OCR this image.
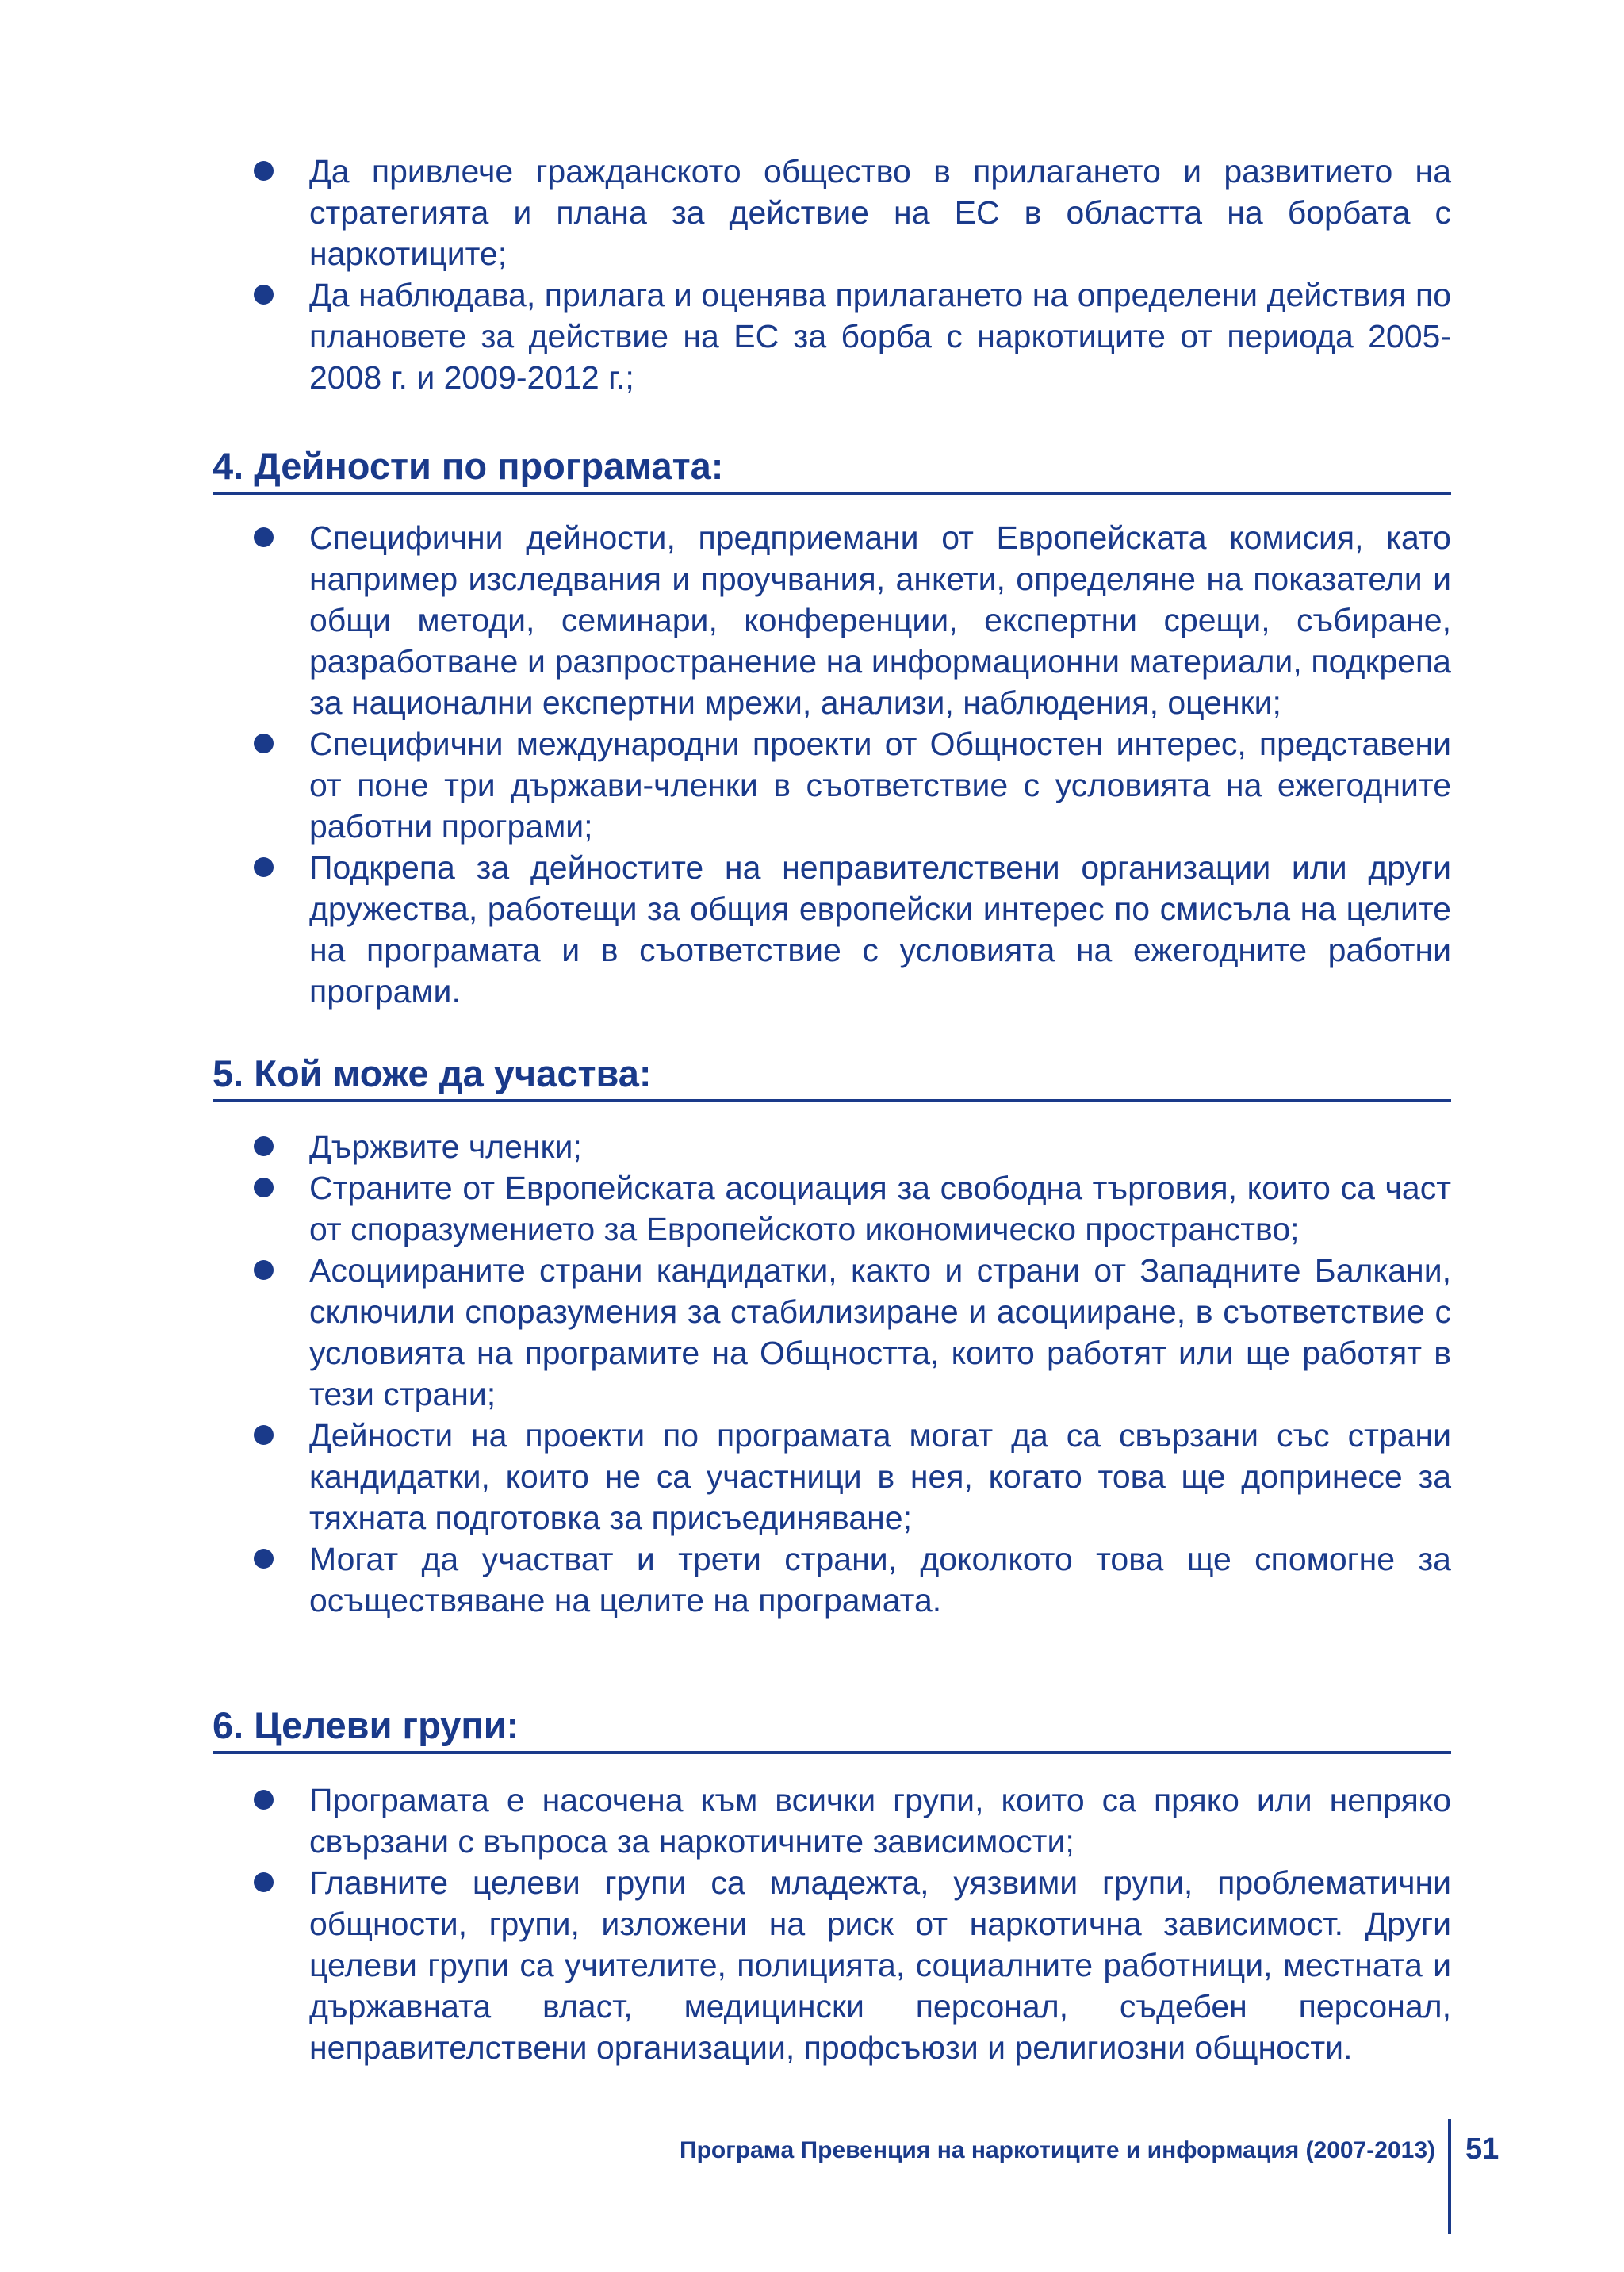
Да привлече гражданското общество в прилагането и развитието на стратегията и плана за действие на ЕС в областта на борбата с наркотиците;
Да наблюдава, прилага и оценява прилагането на определени действия по плановете за действие на ЕС за борба с наркотиците от периода 2005-2008 г. и 2009-2012 г.;
4. Дейности по програмата:
Специфични дейности, предприемани от Европейската комисия, като например изследвания и проучвания, анкети, определяне на показатели и общи методи, семинари, конференции, експертни срещи, събиране, разработване и разпространение на информационни материали, подкрепа за национални експертни мрежи, анализи, наблюдения, оценки;
Специфични международни проекти от Общностен интерес, представени от поне три държави-членки в съответствие с условията на ежегодните работни програми;
Подкрепа за дейностите на неправителствени организации или други дружества, работещи за общия европейски интерес по смисъла на целите на програмата и в съответствие с условията на ежегодните работни програми.
5. Кой може да участва:
Държвите членки;
Страните от Европейската асоциация за свободна търговия, които са част от споразумението за Европейското икономическо пространство;
Асоциираните страни кандидатки, както и страни от Западните Балкани, сключили споразумения за стабилизиране и асоцииране, в съответствие с условията на програмите на Общността, които работят или ще работят в тези страни;
Дейности на проекти по програмата могат да са свързани със страни кандидатки, които не са участници в нея, когато това ще допринесе за тяхната подготовка за присъединяване;
Могат да участват и трети страни, доколкото това ще спомогне за осъществяване на целите на програмата.
6. Целеви групи:
Програмата е насочена към всички групи, които са пряко или непряко свързани с въпроса за наркотичните зависимости;
Главните целеви групи са младежта, уязвими групи, проблематични общности, групи, изложени на риск от наркотична зависимост. Други целеви групи са учителите, полицията, социалните работници, местната и държавната власт, медицински персонал, съдебен персонал, неправителствени организации, профсъюзи и религиозни общности.
Програма Превенция на наркотиците и информация (2007-2013) 51
